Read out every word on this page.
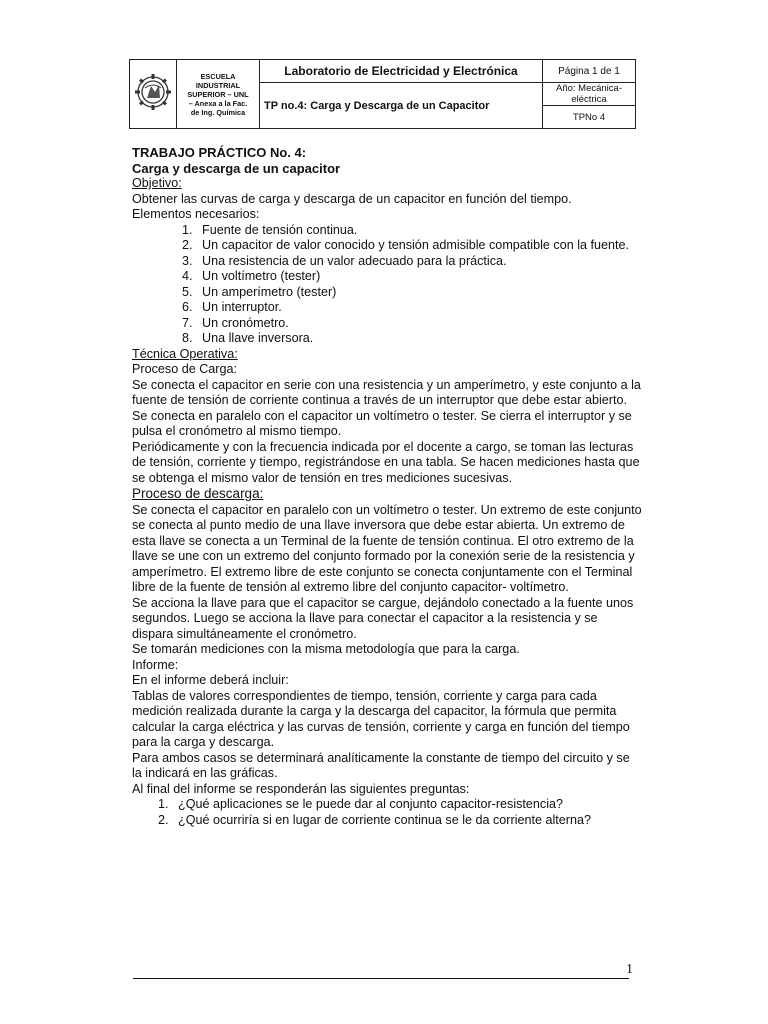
ESCUELA
INDUSTRIAL
SUPERIOR – UNL
– Anexa a la Fac.
de Ing. Química	Laboratorio de Electricidad y Electrónica	Página 1 de 1
		TP no.4: Carga y Descarga de un Capacitor	Año: Mecánica-eléctrica
			TPNo 4

TRABAJO PRÁCTICO No. 4:

Carga y descarga de un capacitor

Objetivo:

Obtener las curvas de carga y descarga de un capacitor en función del tiempo.

Elementos necesarios:

1. Fuente de tensión continua.
2. Un capacitor de valor conocido y tensión admisible compatible con la fuente.
3. Una resistencia de un valor adecuado para la práctica.
4. Un voltímetro (tester)
5. Un amperímetro (tester)
6. Un interruptor.
7. Un cronómetro.
8. Una llave inversora.

Técnica Operativa:

Proceso de Carga:

Se conecta el capacitor en serie con una resistencia y un amperímetro, y este conjunto a la fuente de tensión de corriente continua a través de un interruptor que debe estar abierto. Se conecta en paralelo con el capacitor un voltímetro o tester. Se cierra el interruptor y se pulsa el cronómetro al mismo tiempo.

Periódicamente y con la frecuencia indicada por el docente a cargo, se toman las lecturas de tensión, corriente y tiempo, registrándose en una tabla. Se hacen mediciones hasta que se obtenga el mismo valor de tensión en tres mediciones sucesivas.

Proceso de descarga:

Se conecta el capacitor en paralelo con un voltímetro o tester. Un extremo de este conjunto se conecta al punto medio de una llave inversora que debe estar abierta. Un extremo de esta llave se conecta a un Terminal de la fuente de tensión continua. El otro extremo de la llave se une con un extremo del conjunto formado por la conexión serie de la resistencia y amperímetro. El extremo libre de este conjunto se conecta conjuntamente con el Terminal libre de la fuente de tensión al extremo libre del conjunto capacitor- voltímetro.

Se acciona la llave para que el capacitor se cargue, dejándolo conectado a la fuente unos segundos. Luego se acciona la llave para conectar el capacitor a la resistencia y se dispara simultáneamente el cronómetro.

Se tomarán mediciones con la misma metodología que para la carga.

Informe:

En el informe deberá incluir:

Tablas de valores correspondientes de tiempo, tensión, corriente y carga para cada medición realizada durante la carga y la descarga del capacitor, la fórmula que permita calcular la carga eléctrica y las curvas de tensión, corriente y carga en función del tiempo para la carga y descarga.

Para ambos casos se determinará analíticamente la constante de tiempo del circuito y se la indicará en las gráficas.

Al final del informe se responderán las siguientes preguntas:

1. ¿Qué aplicaciones se le puede dar al conjunto capacitor-resistencia?
2. ¿Qué ocurriría si en lugar de corriente continua se le da corriente alterna?
1
